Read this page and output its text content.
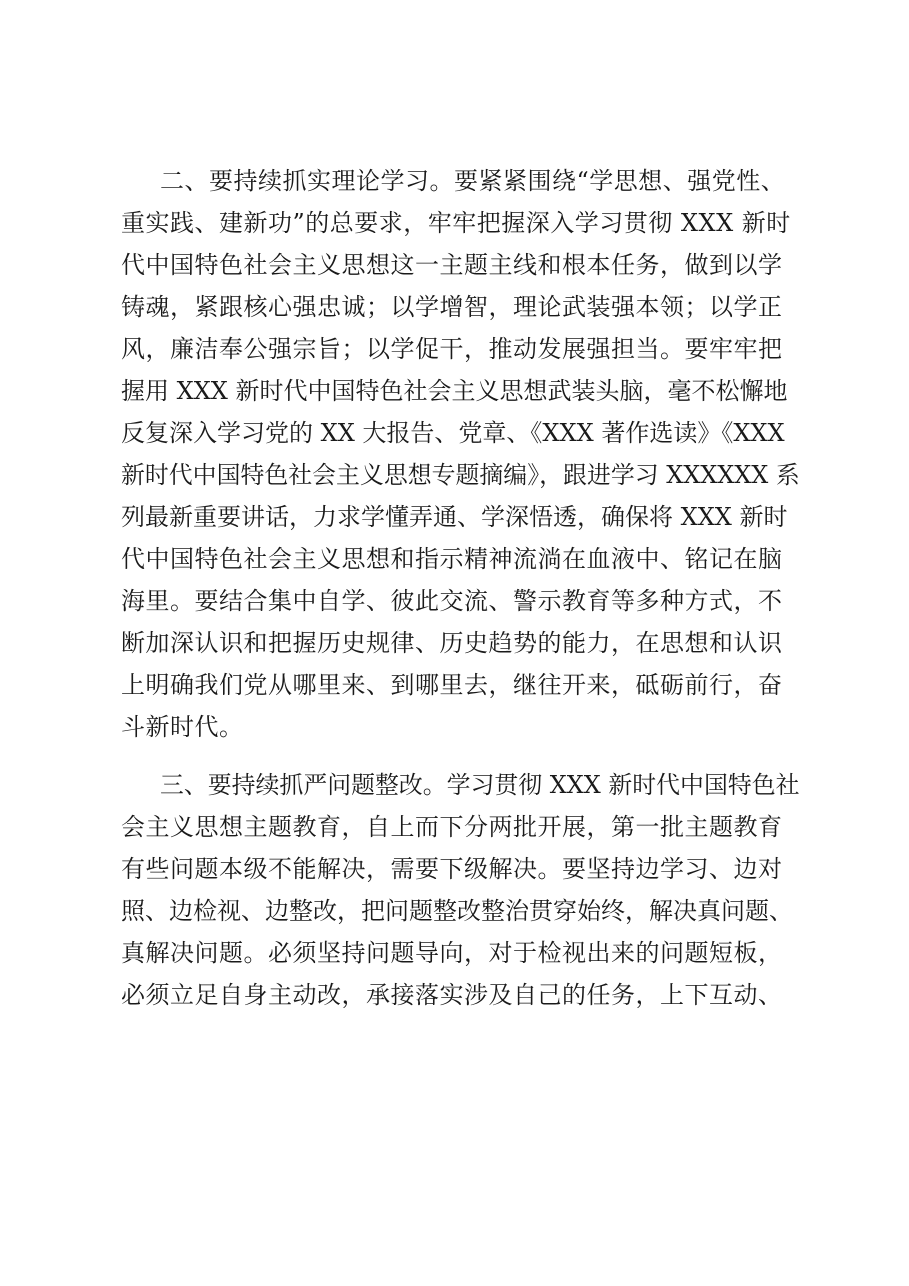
二、要持续抓实理论学习。要紧紧围绕“学思想、强党性、

重实践、建新功”的总要求，牢牢把握深入学习贯彻 XXX 新时

代中国特色社会主义思想这一主题主线和根本任务，做到以学

铸魂，紧跟核心强忠诚；以学增智，理论武装强本领；以学正

风，廉洁奉公强宗旨；以学促干，推动发展强担当。要牢牢把

握用 XXX 新时代中国特色社会主义思想武装头脑，毫不松懈地

反复深入学习党的 XX 大报告、党章、《XXX 著作选读》《XXX

新时代中国特色社会主义思想专题摘编》，跟进学习 XXXXXX 系

列最新重要讲话，力求学懂弄通、学深悟透，确保将 XXX 新时

代中国特色社会主义思想和指示精神流淌在血液中、铭记在脑

海里。要结合集中自学、彼此交流、警示教育等多种方式，不

断加深认识和把握历史规律、历史趋势的能力，在思想和认识

上明确我们党从哪里来、到哪里去，继往开来，砥砺前行，奋

斗新时代。

三、要持续抓严问题整改。学习贯彻 XXX 新时代中国特色社

会主义思想主题教育，自上而下分两批开展，第一批主题教育

有些问题本级不能解决，需要下级解决。要坚持边学习、边对

照、边检视、边整改，把问题整改整治贯穿始终，解决真问题、

真解决问题。必须坚持问题导向，对于检视出来的问题短板，

必须立足自身主动改，承接落实涉及自己的任务，上下互动、
